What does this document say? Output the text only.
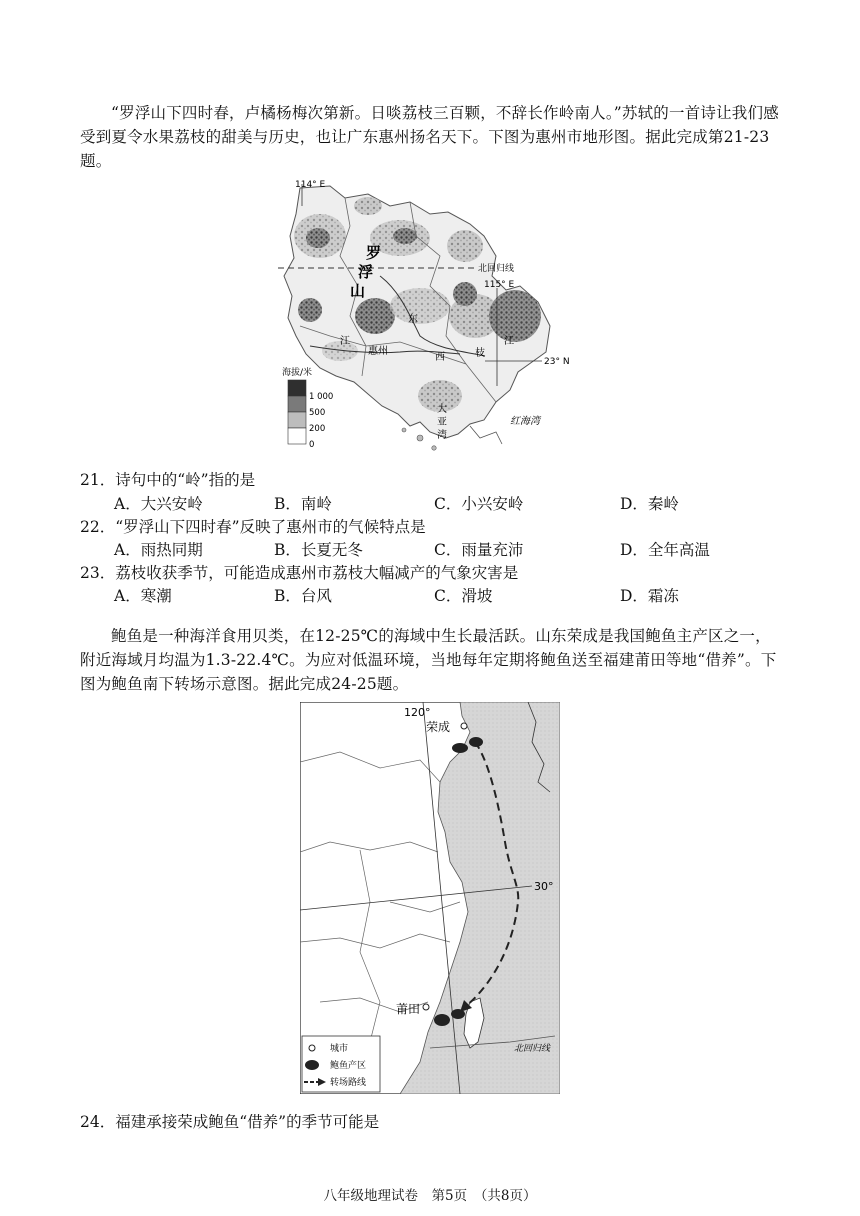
“罗浮山下四时春，卢橘杨梅次第新。日啖荔枝三百颗，不辞长作岭南人。”苏轼的一首诗让我们感受到夏令水果荔枝的甜美与历史，也让广东惠州扬名天下。下图为惠州市地形图。据此完成第21-23题。

114° E
北回归线
115° E
23° N
罗
浮
山
东
江
惠州
西	枝
江
大
亚
湾
红海湾
海拔/米
1 000
500
200
0

21．诗句中的“岭”指的是

A．大兴安岭	B．南岭	C．小兴安岭	D．秦岭

22．“罗浮山下四时春”反映了惠州市的气候特点是

A．雨热同期	B．长夏无冬	C．雨量充沛	D．全年高温

23．荔枝收获季节，可能造成惠州市荔枝大幅减产的气象灾害是

A．寒潮	B．台风	C．滑坡	D．霜冻

鲍鱼是一种海洋食用贝类，在12-25℃的海域中生长最活跃。山东荣成是我国鲍鱼主产区之一，附近海域月均温为1.3-22.4℃。为应对低温环境，当地每年定期将鲍鱼送至福建莆田等地“借养”。下图为鲍鱼南下转场示意图。据此完成24-25题。

120°
荣成
30°
莆田
北回归线
城市
鲍鱼产区
转场路线

24．福建承接荣成鲍鱼“借养”的季节可能是

八年级地理试卷　第5页　（共8页）
